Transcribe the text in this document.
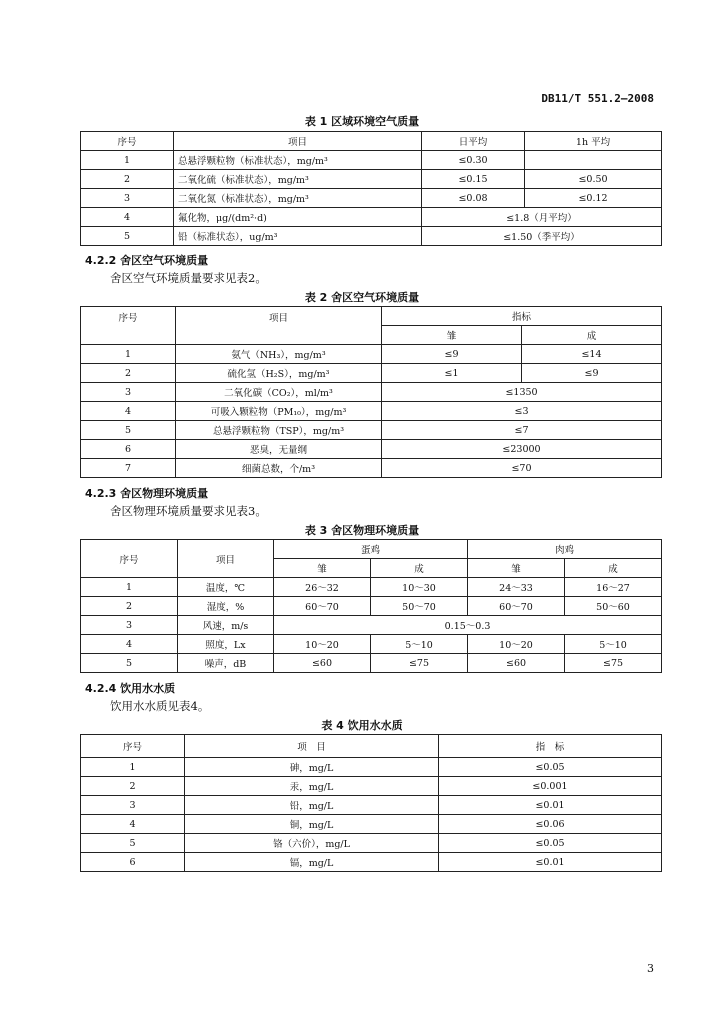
DB11/T 551.2—2008
表 1 区域环境空气质量
序号	项目	日平均	1h 平均
1	总悬浮颗粒物（标准状态），mg/m³	≤0.30	
2	二氧化硫（标准状态），mg/m³	≤0.15	≤0.50
3	二氧化氮（标准状态），mg/m³	≤0.08	≤0.12
4	氟化物，μg/(dm²·d)	≤1.8（月平均）	
5	铅（标准状态），ug/m³	≤1.50（季平均）	
4.2.2 舍区空气环境质量
舍区空气环境质量要求见表2。
表 2 舍区空气环境质量
序号	项目	指标	
		雏	成
1	氨气（NH₃），mg/m³	≤9	≤14
2	硫化氢（H₂S），mg/m³	≤1	≤9
3	二氧化碳（CO₂），ml/m³	≤1350	
4	可吸入颗粒物（PM₁₀），mg/m³	≤3	
5	总悬浮颗粒物（TSP），mg/m³	≤7	
6	恶臭，无量纲	≤23000	
7	细菌总数，个/m³	≤70	
4.2.3 舍区物理环境质量
舍区物理环境质量要求见表3。
表 3 舍区物理环境质量
序号	项目	蛋鸡		肉鸡	
		雏	成	雏	成
1	温度，℃	26～32	10～30	24～33	16～27
2	湿度，%	60～70	50～70	60～70	50～60
3	风速，m/s	0.15～0.3			
4	照度，Lx	10～20	5～10	10～20	5～10
5	噪声，dB	≤60	≤75	≤60	≤75
4.2.4 饮用水水质
饮用水水质见表4。
表 4 饮用水水质
序号	项　目	指　标
1	砷，mg/L	≤0.05
2	汞，mg/L	≤0.001
3	铅，mg/L	≤0.01
4	铜，mg/L	≤0.06
5	铬（六价），mg/L	≤0.05
6	镉，mg/L	≤0.01
3
